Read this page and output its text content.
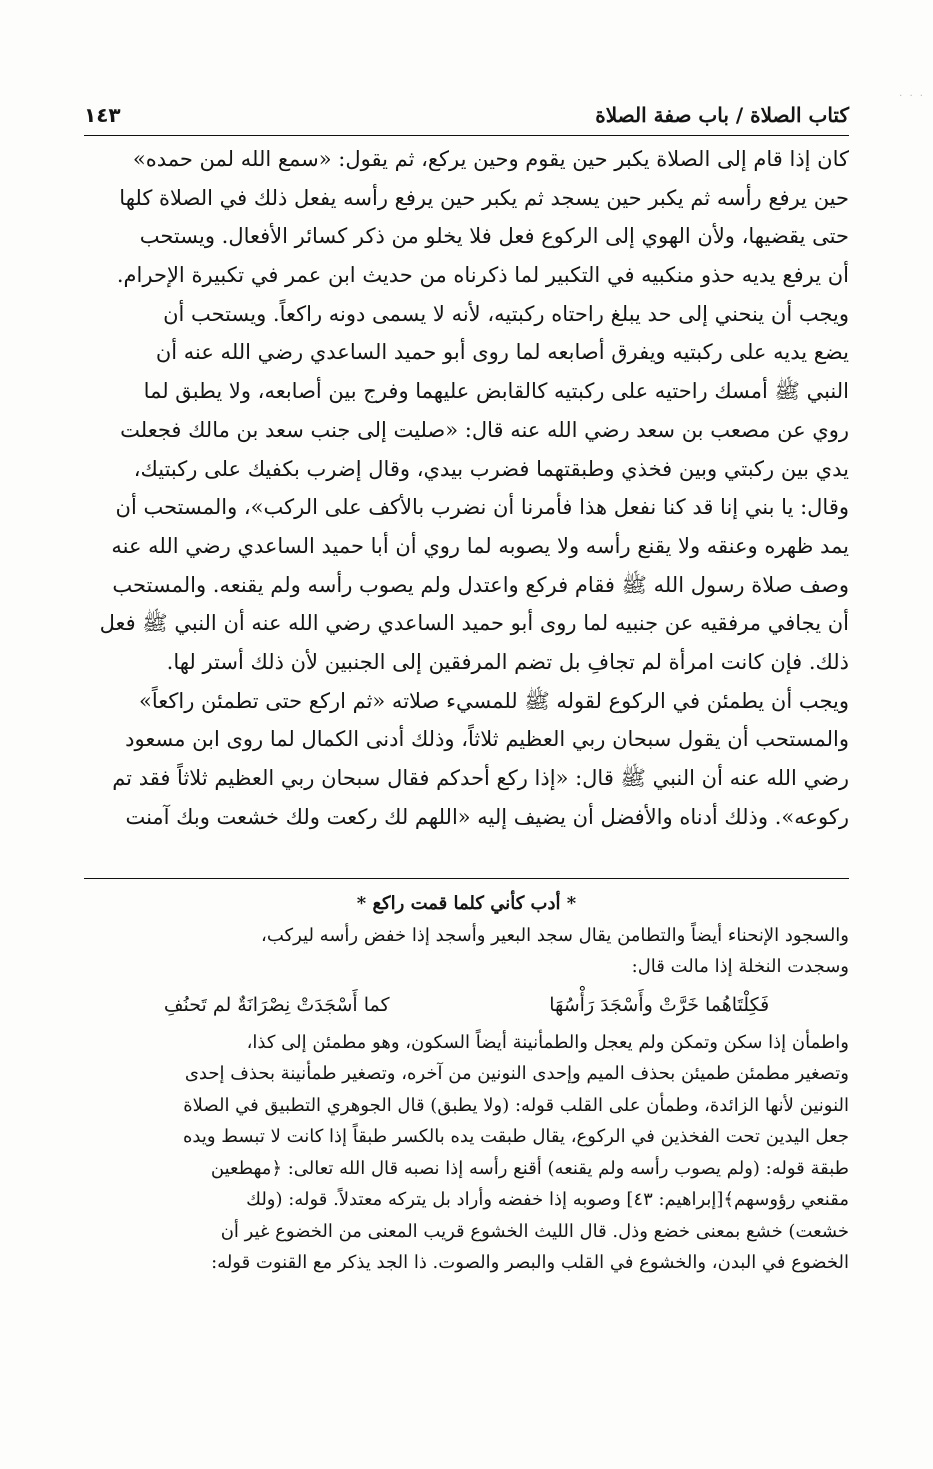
. . .
١٤٣	كتاب الصلاة / باب صفة الصلاة
كان إذا قام إلى الصلاة يكبر حين يقوم وحين يركع، ثم يقول: «سمع الله لمن حمده»
حين يرفع رأسه ثم يكبر حين يسجد ثم يكبر حين يرفع رأسه يفعل ذلك في الصلاة كلها
حتى يقضيها، ولأن الهوي إلى الركوع فعل فلا يخلو من ذكر كسائر الأفعال. ويستحب
أن يرفع يديه حذو منكبيه في التكبير لما ذكرناه من حديث ابن عمر في تكبيرة الإحرام.
ويجب أن ينحني إلى حد يبلغ راحتاه ركبتيه، لأنه لا يسمى دونه راكعاً. ويستحب أن
يضع يديه على ركبتيه ويفرق أصابعه لما روى أبو حميد الساعدي رضي الله عنه أن
النبي ﷺ أمسك راحتيه على ركبتيه كالقابض عليهما وفرج بين أصابعه، ولا يطبق لما
روي عن مصعب بن سعد رضي الله عنه قال: «صليت إلى جنب سعد بن مالك فجعلت
يدي بين ركبتي وبين فخذي وطبقتهما فضرب بيدي، وقال إضرب بكفيك على ركبتيك،
وقال: يا بني إنا قد كنا نفعل هذا فأمرنا أن نضرب بالأكف على الركب»، والمستحب أن
يمد ظهره وعنقه ولا يقنع رأسه ولا يصوبه لما روي أن أبا حميد الساعدي رضي الله عنه
وصف صلاة رسول الله ﷺ فقام فركع واعتدل ولم يصوب رأسه ولم يقنعه. والمستحب
أن يجافي مرفقيه عن جنبيه لما روى أبو حميد الساعدي رضي الله عنه أن النبي ﷺ فعل
ذلك. فإن كانت امرأة لم تجافِ بل تضم المرفقين إلى الجنبين لأن ذلك أستر لها.
ويجب أن يطمئن في الركوع لقوله ﷺ للمسيء صلاته «ثم اركع حتى تطمئن راكعاً»
والمستحب أن يقول سبحان ربي العظيم ثلاثاً، وذلك أدنى الكمال لما روى ابن مسعود
رضي الله عنه أن النبي ﷺ قال: «إذا ركع أحدكم فقال سبحان ربي العظيم ثلاثاً فقد تم
ركوعه». وذلك أدناه والأفضل أن يضيف إليه «اللهم لك ركعت ولك خشعت وبك آمنت
* أدب كأني كلما قمت راكع *
والسجود الإنحناء أيضاً والتطامن يقال سجد البعير وأسجد إذا خفض رأسه ليركب،
وسجدت النخلة إذا مالت قال:
فَكِلْتَاهُما خَرَّتْ وأَسْجَدَ رَأْسُهَا
كما أَسْجَدَتْ نِصْرَانَةٌ لم تَحنُفِ
واطمأن إذا سكن وتمكن ولم يعجل والطمأنينة أيضاً السكون، وهو مطمئن إلى كذا،
وتصغير مطمئن طميئن بحذف الميم وإحدى النونين من آخره، وتصغير طمأنينة بحذف إحدى
النونين لأنها الزائدة، وطمأن على القلب قوله: (ولا يطبق) قال الجوهري التطبيق في الصلاة
جعل اليدين تحت الفخذين في الركوع، يقال طبقت يده بالكسر طبقاً إذا كانت لا تبسط ويده
طبقة قوله: (ولم يصوب رأسه ولم يقنعه) أقنع رأسه إذا نصبه قال الله تعالى: ﴿مهطعين
مقنعي رؤوسهم﴾[إبراهيم: ٤٣] وصوبه إذا خفضه وأراد بل يتركه معتدلاً. قوله: (ولك
خشعت) خشع بمعنى خضع وذل. قال الليث الخشوع قريب المعنى من الخضوع غير أن
الخضوع في البدن، والخشوع في القلب والبصر والصوت. ذا الجد يذكر مع القنوت قوله:
